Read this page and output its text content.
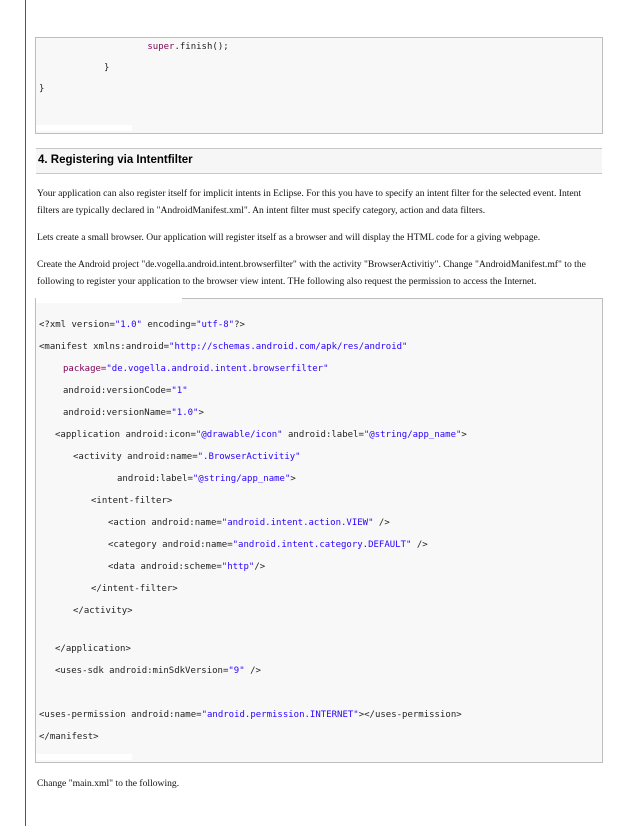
super.finish();
}
}
4. Registering via Intentfilter
Your application can also register itself for implicit intents in Eclipse. For this you have to specify an intent filter for the selected event. Intent filters are typically declared in "AndroidManifest.xml". An intent filter must specify category, action and data filters.
Lets create a small browser. Our application will register itself as a browser and will display the HTML code for a giving webpage.
Create the Android project "de.vogella.android.intent.browserfilter" with the activity "BrowserActivitiy". Change "AndroidManifest.mf" to the following to register your application to the browser view intent. THe following also request the permission to access the Internet.
<?xml version="1.0" encoding="utf-8"?>
<manifest xmlns:android="http://schemas.android.com/apk/res/android"
package="de.vogella.android.intent.browserfilter"
android:versionCode="1"
android:versionName="1.0">
<application android:icon="@drawable/icon" android:label="@string/app_name">
<activity android:name=".BrowserActivitiy"
android:label="@string/app_name">
<intent-filter>
<action android:name="android.intent.action.VIEW" />
<category android:name="android.intent.category.DEFAULT" />
<data android:scheme="http"/>
</intent-filter>
</activity>
</application>
<uses-sdk android:minSdkVersion="9" />
<uses-permission android:name="android.permission.INTERNET"></uses-permission>
</manifest>
Change "main.xml" to the following.
